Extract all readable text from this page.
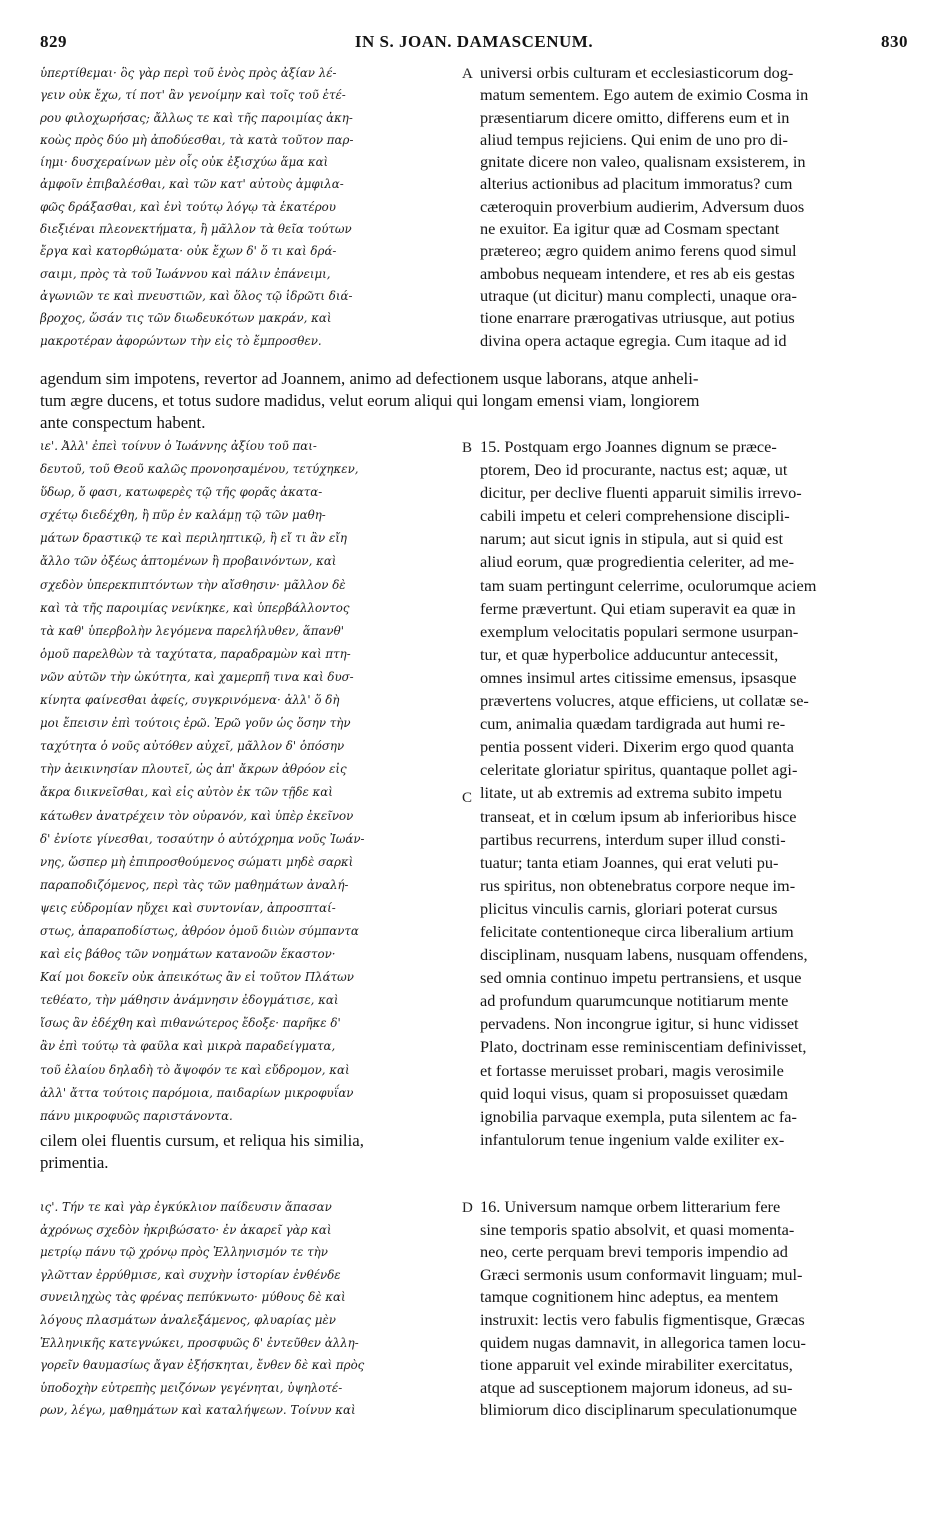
829	IN S. JOAN. DAMASCENUM.	830
ὑπερτίθεμαι· ὃς γὰρ περὶ τοῦ ἑνὸς πρὸς ἀξίαν λέ-
γειν οὐκ ἔχω, τί ποτ' ἂν γενοίμην καὶ τοῖς τοῦ ἑτέ-
ρου φιλοχωρήσας; ἄλλως τε καὶ τῆς παροιμίας ἀκη-
κοὼς πρὸς δύο μὴ ἀποδύεσθαι, τὰ κατὰ τοῦτον παρ-
ίημι· δυσχεραίνων μὲν οἷς οὐκ ἐξισχύω ἅμα καὶ
ἀμφοῖν ἐπιβαλέσθαι, καὶ τῶν κατ' αὐτοὺς ἀμφιλα-
φῶς δράξασθαι, καὶ ἑνὶ τούτῳ λόγῳ τὰ ἑκατέρου
διεξιέναι πλεονεκτήματα, ἢ μᾶλλον τὰ θεῖα τούτων
ἔργα καὶ κατορθώματα· οὐκ ἔχων δ' ὅ τι καὶ δρά-
σαιμι, πρὸς τὰ τοῦ Ἰωάννου καὶ πάλιν ἐπάνειμι,
ἀγωνιῶν τε καὶ πνευστιῶν, καὶ ὅλος τῷ ἱδρῶτι διά-
βροχος, ὥσάν τις τῶν διωδευκότων μακράν, καὶ
μακροτέραν ἀφορώντων τὴν εἰς τὸ ἔμπροσθεν.
universi orbis culturam et ecclesiasticorum dog-
matum sementem. Ego autem de eximio Cosma in
præsentiarum dicere omitto, differens eum et in
aliud tempus rejiciens. Qui enim de uno pro di-
gnitate dicere non valeo, qualisnam exsisterem, in
alterius actionibus ad placitum immoratus? cum
cæteroquin proverbium audierim, Adversum duos
ne exuitor. Ea igitur quæ ad Cosmam spectant
prætereo; ægro quidem animo ferens quod simul
ambobus nequeam intendere, et res ab eis gestas
utraque (ut dicitur) manu complecti, unaque ora-
tione enarrare prærogativas utriusque, aut potius
divina opera actaque egregia. Cum itaque ad id
A
agendum sim impotens, revertor ad Joannem, animo ad defectionem usque laborans, atque anheli-
tum ægre ducens, et totus sudore madidus, velut eorum aliqui qui longam emensi viam, longiorem
ante conspectum habent.
ιε'. Ἀλλ' ἐπεὶ τοίνυν ὁ Ἰωάννης ἀξίου τοῦ παι-
δευτοῦ, τοῦ Θεοῦ καλῶς προνοησαμένου, τετύχηκεν,
ὕδωρ, ὅ φασι, κατωφερὲς τῷ τῆς φορᾶς ἀκατα-
σχέτῳ διεδέχθη, ἢ πῦρ ἐν καλάμῃ τῷ τῶν μαθη-
μάτων δραστικῷ τε καὶ περιληπτικῷ, ἢ εἴ τι ἂν εἴη
ἄλλο τῶν ὀξέως ἁπτομένων ἢ προβαινόντων, καὶ
σχεδὸν ὑπερεκπιπτόντων τὴν αἴσθησιν· μᾶλλον δὲ
καὶ τὰ τῆς παροιμίας νενίκηκε, καὶ ὑπερβάλλοντος
τὰ καθ' ὑπερβολὴν λεγόμενα παρελήλυθεν, ἅπανθ'
ὁμοῦ παρελθὼν τὰ ταχύτατα, παραδραμὼν καὶ πτη-
νῶν αὐτῶν τὴν ὠκύτητα, καὶ χαμερπῆ τινα καὶ δυσ-
κίνητα φαίνεσθαι ἀφείς, συγκρινόμενα· ἀλλ' ὅ δὴ
μοι ἔπεισιν ἐπὶ τούτοις ἐρῶ. Ἐρῶ γοῦν ὡς ὅσην τὴν
ταχύτητα ὁ νοῦς αὐτόθεν αὐχεῖ, μᾶλλον δ' ὁπόσην
τὴν ἀεικινησίαν πλουτεῖ, ὡς ἀπ' ἄκρων ἀθρόον εἰς
ἄκρα διικνεῖσθαι, καὶ εἰς αὐτὸν ἐκ τῶν τῇδε καὶ
κάτωθεν ἀνατρέχειν τὸν οὐρανόν, καὶ ὑπὲρ ἐκεῖνον
δ' ἐνίοτε γίνεσθαι, τοσαύτην ὁ αὐτόχρημα νοῦς Ἰωάν-
νης, ὥσπερ μὴ ἐπιπροσθούμενος σώματι μηδὲ σαρκὶ
παραποδιζόμενος, περὶ τὰς τῶν μαθημάτων ἀναλή-
ψεις εὐδρομίαν ηὔχει καὶ συντονίαν, ἀπροσπταί-
στως, ἀπαραποδίστως, ἀθρόον ὁμοῦ διιὼν σύμπαντα
καὶ εἰς βάθος τῶν νοημάτων κατανοῶν ἕκαστον·
Καί μοι δοκεῖν οὐκ ἀπεικότως ἂν εἰ τοῦτον Πλάτων
τεθέατο, τὴν μάθησιν ἀνάμνησιν ἐδογμάτισε, καὶ
ἴσως ἂν ἐδέχθη καὶ πιθανώτερος ἔδοξε· παρῆκε δ'
ἂν ἐπὶ τούτῳ τὰ φαῦλα καὶ μικρὰ παραδείγματα,
τοῦ ἐλαίου δηλαδὴ τὸ ἄψοφόν τε καὶ εὔδρομον, καὶ
ἀλλ' ἄττα τούτοις παρόμοια, παιδαρίων μικροφυΐαν
πάνυ μικροφυῶς παριστάνοντα.
15. Postquam ergo Joannes dignum se præce-
ptorem, Deo id procurante, nactus est; aquæ, ut
dicitur, per declive fluenti apparuit similis irrevo-
cabili impetu et celeri comprehensione discipli-
narum; aut sicut ignis in stipula, aut si quid est
aliud eorum, quæ progredientia celeriter, ad me-
tam suam pertingunt celerrime, oculorumque aciem
ferme prævertunt. Qui etiam superavit ea quæ in
exemplum velocitatis populari sermone usurpan-
tur, et quæ hyperbolice adducuntur antecessit,
omnes insimul artes citissime emensus, ipsasque
prævertens volucres, atque efficiens, ut collatæ se-
cum, animalia quædam tardigrada aut humi re-
pentia possent videri. Dixerim ergo quod quanta
celeritate gloriatur spiritus, quantaque pollet agi-
litate, ut ab extremis ad extrema subito impetu
transeat, et in cœlum ipsum ab inferioribus hisce
partibus recurrens, interdum super illud consti-
tuatur; tanta etiam Joannes, qui erat veluti pu-
rus spiritus, non obtenebratus corpore neque im-
plicitus vinculis carnis, gloriari poterat cursus
felicitate contentioneque circa liberalium artium
disciplinam, nusquam labens, nusquam offendens,
sed omnia continuo impetu pertransiens, et usque
ad profundum quarumcunque notitiarum mente
pervadens. Non incongrue igitur, si hunc vidisset
Plato, doctrinam esse reminiscentiam definivisset,
et fortasse meruisset probari, magis verosimile
quid loqui visus, quam si proposuisset quædam
ignobilia parvaque exempla, puta silentem ac fa-
infantulorum tenue ingenium valde exiliter ex-
B
C
cilem olei fluentis cursum, et reliqua his similia,
primentia.
ις'. Τήν τε καὶ γὰρ ἐγκύκλιον παίδευσιν ἅπασαν
ἀχρόνως σχεδὸν ἠκριβώσατο· ἐν ἀκαρεῖ γὰρ καὶ
μετρίῳ πάνυ τῷ χρόνῳ πρὸς Ἑλληνισμόν τε τὴν
γλῶτταν ἐρρύθμισε, καὶ συχνὴν ἱστορίαν ἐνθένδε
συνειληχὼς τὰς φρένας πεπύκνωτο· μύθους δὲ καὶ
λόγους πλασμάτων ἀναλεξάμενος, φλυαρίας μὲν
Ἑλληνικῆς κατεγνώκει, προσφυῶς δ' ἐντεῦθεν ἀλλη-
γορεῖν θαυμασίως ἄγαν ἐξήσκηται, ἔνθεν δὲ καὶ πρὸς
ὑποδοχὴν εὐτρεπὴς μειζόνων γεγένηται, ὑψηλοτέ-
ρων, λέγω, μαθημάτων καὶ καταλήψεων. Τοίνυν καὶ
16. Universum namque orbem litterarium fere
sine temporis spatio absolvit, et quasi momenta-
neo, certe perquam brevi temporis impendio ad
Græci sermonis usum conformavit linguam; mul-
tamque cognitionem hinc adeptus, ea mentem
instruxit: lectis vero fabulis figmentisque, Græcas
quidem nugas damnavit, in allegorica tamen locu-
tione apparuit vel exinde mirabiliter exercitatus,
atque ad susceptionem majorum idoneus, ad su-
blimiorum dico disciplinarum speculationumque
D
